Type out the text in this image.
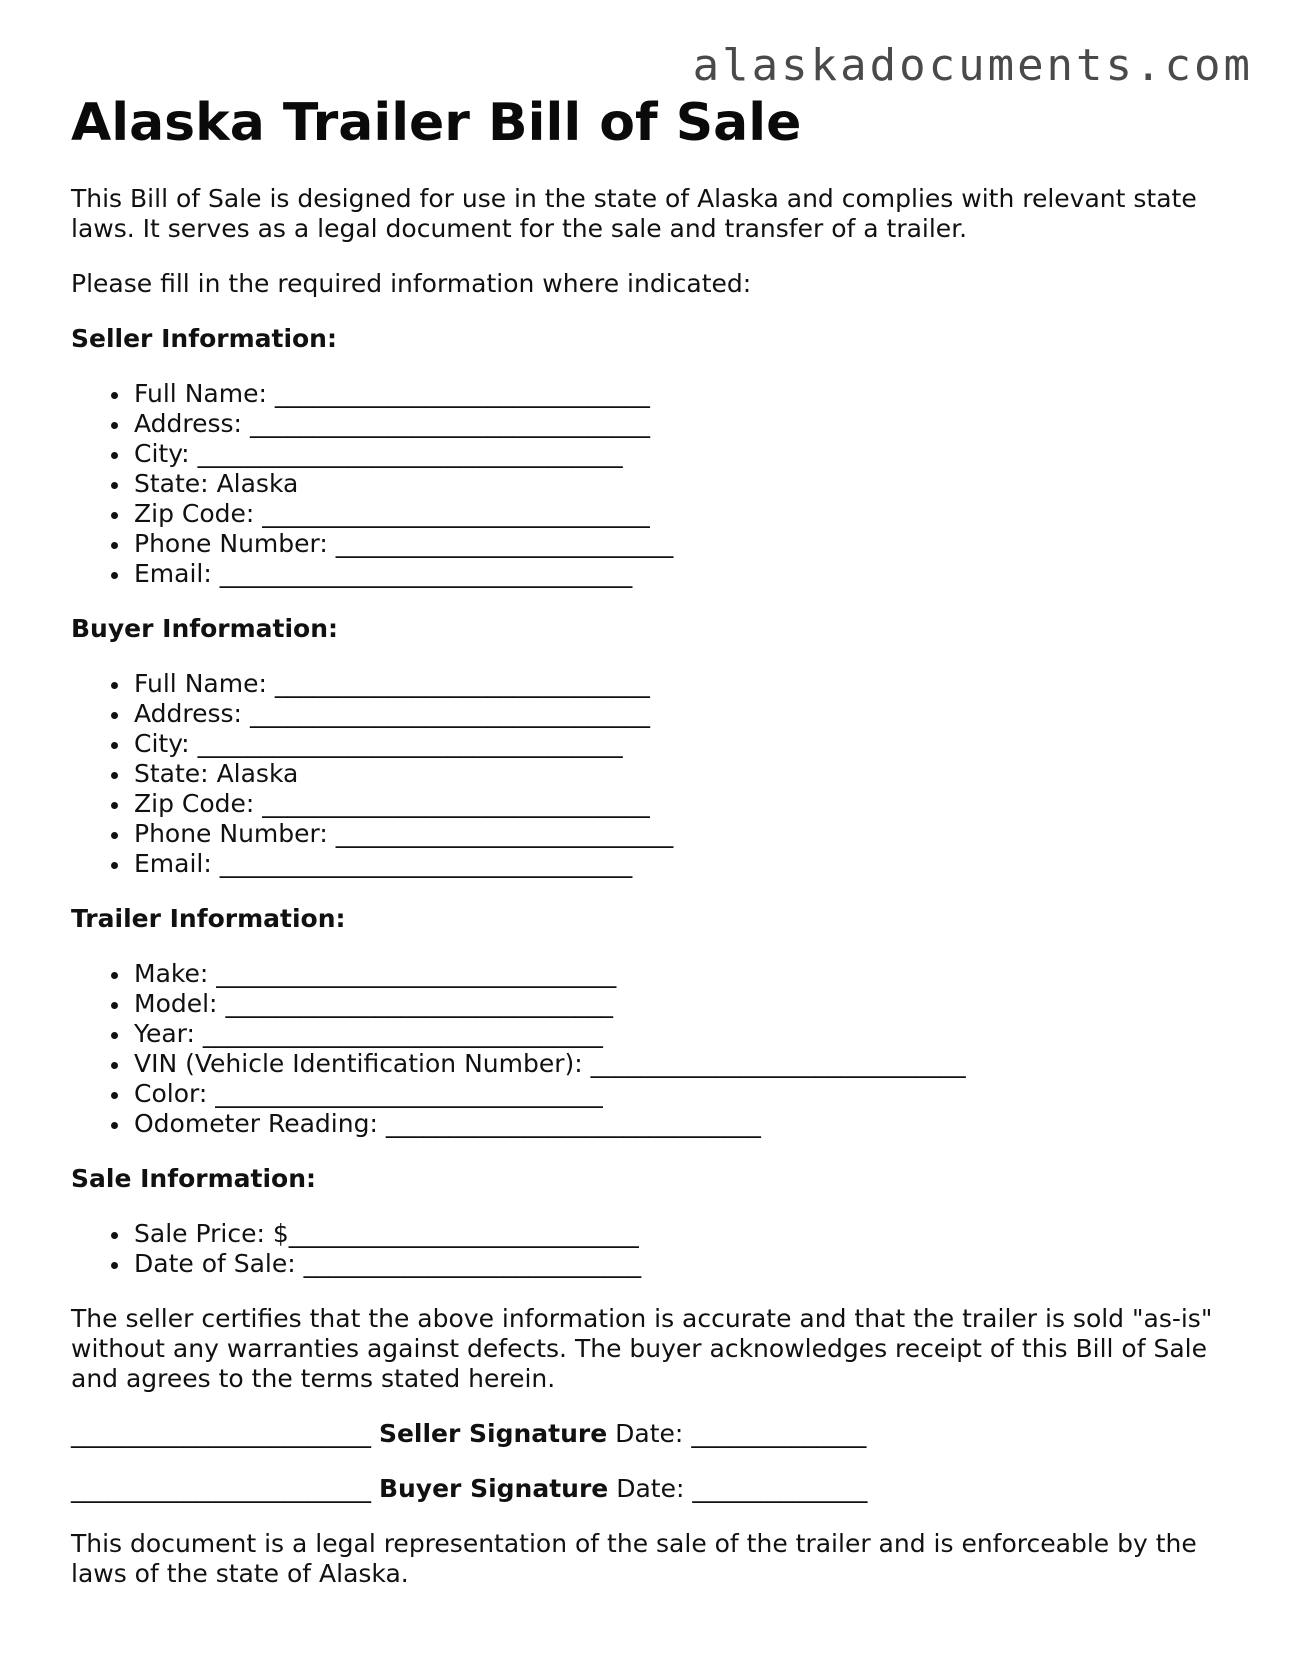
alaskadocuments.com
Alaska Trailer Bill of Sale

This Bill of Sale is designed for use in the state of Alaska and complies with relevant state laws. It serves as a legal document for the sale and transfer of a trailer.

Please fill in the required information where indicated:

Seller Information:
Full Name: ______________________________
Address: ________________________________
City: __________________________________
State: Alaska
Zip Code: _______________________________
Phone Number: ___________________________
Email: _________________________________
Buyer Information:
Full Name: ______________________________
Address: ________________________________
City: __________________________________
State: Alaska
Zip Code: _______________________________
Phone Number: ___________________________
Email: _________________________________
Trailer Information:
Make: ________________________________
Model: _______________________________
Year: ________________________________
VIN (Vehicle Identification Number): ______________________________
Color: _______________________________
Odometer Reading: ______________________________
Sale Information:
Sale Price: $____________________________
Date of Sale: ___________________________

The seller certifies that the above information is accurate and that the trailer is sold "as-is" without any warranties against defects. The buyer acknowledges receipt of this Bill of Sale and agrees to the terms stated herein.

________________________ Seller Signature Date: ______________
________________________ Buyer Signature Date: ______________

This document is a legal representation of the sale of the trailer and is enforceable by the laws of the state of Alaska.
